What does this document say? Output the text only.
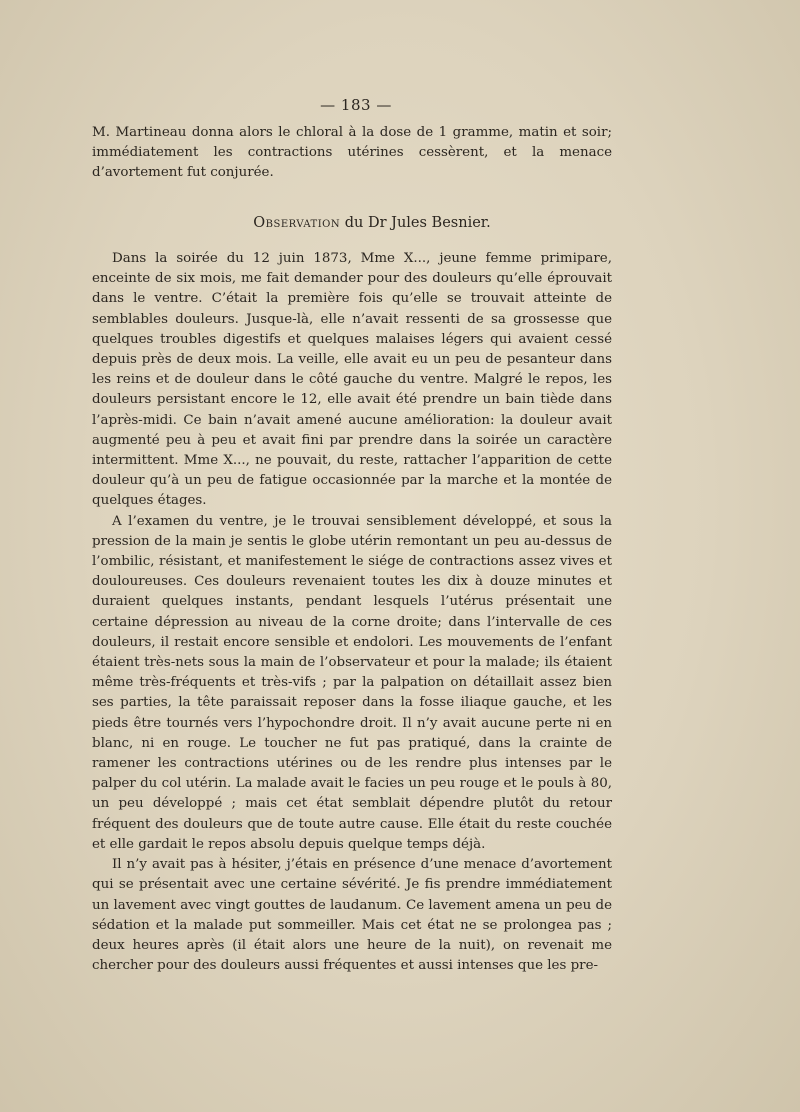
— 183 —

M. Martineau donna alors le chloral à la dose de 1 gramme, matin et soir; immédiatement les contractions utérines cessèrent, et la menace d’avortement fut conjurée.

Observation du Dr Jules Besnier.

Dans la soirée du 12 juin 1873, Mme X..., jeune femme primipare, enceinte de six mois, me fait demander pour des douleurs qu’elle éprouvait dans le ventre. C’était la première fois qu’elle se trouvait atteinte de semblables douleurs. Jusque-là, elle n’avait ressenti de sa grossesse que quelques troubles digestifs et quelques malaises légers qui avaient cessé depuis près de deux mois. La veille, elle avait eu un peu de pesanteur dans les reins et de douleur dans le côté gauche du ventre. Malgré le repos, les douleurs persistant encore le 12, elle avait été prendre un bain tiède dans l’après-midi. Ce bain n’avait amené aucune amélioration: la douleur avait augmenté peu à peu et avait fini par prendre dans la soirée un caractère intermittent. Mme X..., ne pouvait, du reste, rattacher l’apparition de cette douleur qu’à un peu de fatigue occasionnée par la marche et la montée de quelques étages.

A l’examen du ventre, je le trouvai sensiblement développé, et sous la pression de la main je sentis le globe utérin remontant un peu au-dessus de l’ombilic, résistant, et manifestement le siége de contractions assez vives et douloureuses. Ces douleurs revenaient toutes les dix à douze minutes et duraient quelques instants, pendant lesquels l’utérus présentait une certaine dépression au niveau de la corne droite; dans l’intervalle de ces douleurs, il restait encore sensible et endolori. Les mouvements de l’enfant étaient très-nets sous la main de l’observateur et pour la malade; ils étaient même très-fréquents et très-vifs ; par la palpation on détaillait assez bien ses parties, la tête paraissait reposer dans la fosse iliaque gauche, et les pieds être tournés vers l’hypochondre droit. Il n’y avait aucune perte ni en blanc, ni en rouge. Le toucher ne fut pas pratiqué, dans la crainte de ramener les contractions utérines ou de les rendre plus intenses par le palper du col utérin. La malade avait le facies un peu rouge et le pouls à 80, un peu développé ; mais cet état semblait dépendre plutôt du retour fréquent des douleurs que de toute autre cause. Elle était du reste couchée et elle gardait le repos absolu depuis quelque temps déjà.

Il n’y avait pas à hésiter, j’étais en présence d’une menace d’avortement qui se présentait avec une certaine sévérité. Je fis prendre immédiatement un lavement avec vingt gouttes de laudanum. Ce lavement amena un peu de sédation et la malade put sommeiller. Mais cet état ne se prolongea pas ; deux heures après (il était alors une heure de la nuit), on revenait me chercher pour des douleurs aussi fréquentes et aussi intenses que les pre-
